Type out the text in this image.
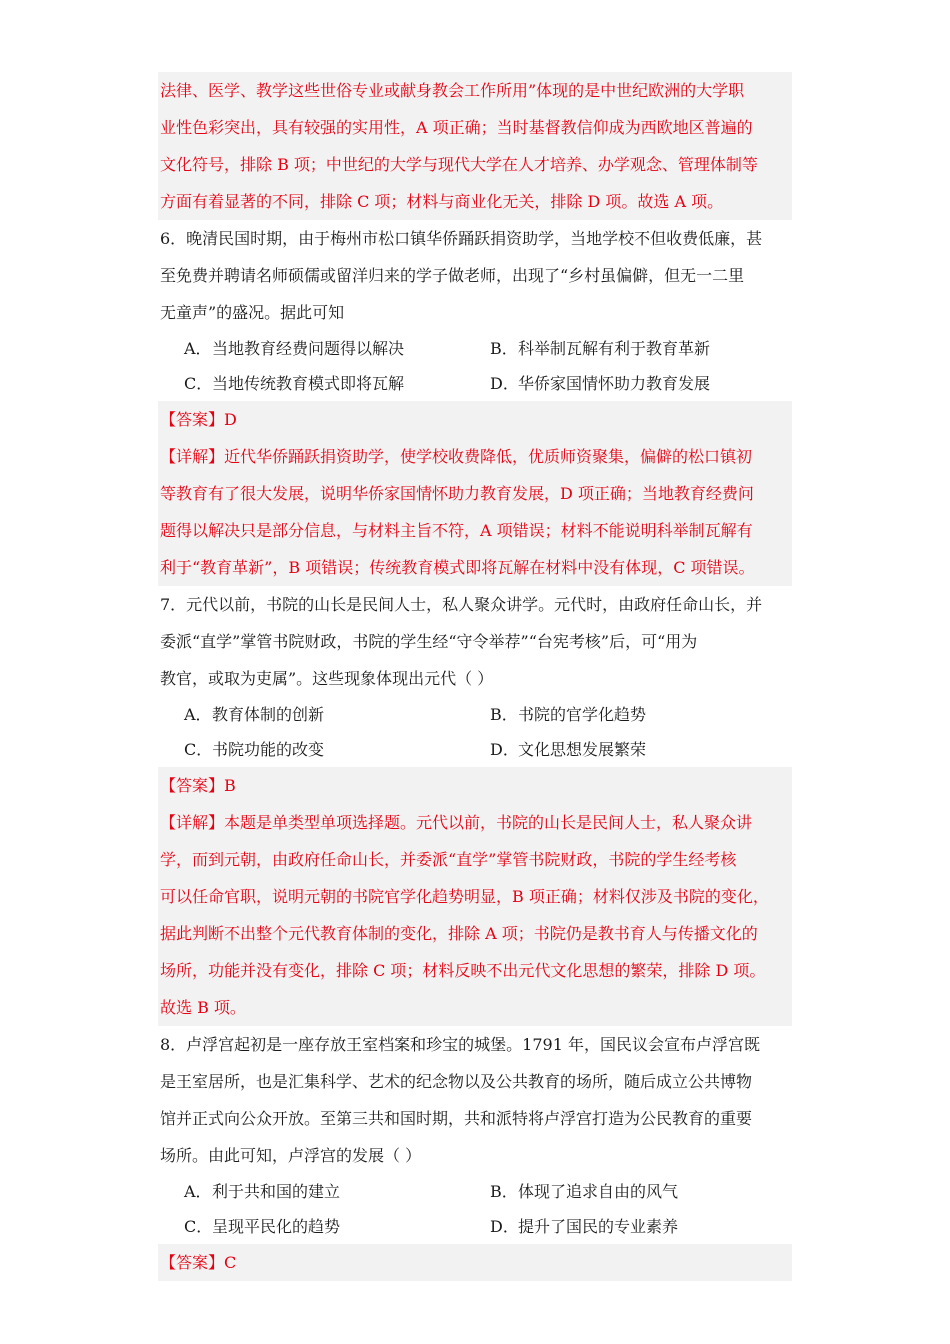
法律、医学、教学这些世俗专业或献身教会工作所用”体现的是中世纪欧洲的大学职
业性色彩突出，具有较强的实用性，A 项正确；当时基督教信仰成为西欧地区普遍的
文化符号，排除 B 项；中世纪的大学与现代大学在人才培养、办学观念、管理体制等
方面有着显著的不同，排除 C 项；材料与商业化无关，排除 D 项。故选 A 项。
6．晚清民国时期，由于梅州市松口镇华侨踊跃捐资助学，当地学校不但收费低廉，甚
至免费并聘请名师硕儒或留洋归来的学子做老师，出现了“乡村虽偏僻，但无一二里
无童声”的盛况。据此可知
A．当地教育经费问题得以解决	B．科举制瓦解有利于教育革新
C．当地传统教育模式即将瓦解	D．华侨家国情怀助力教育发展
【答案】D
【详解】近代华侨踊跃捐资助学，使学校收费降低，优质师资聚集，偏僻的松口镇初
等教育有了很大发展，说明华侨家国情怀助力教育发展，D 项正确；当地教育经费问
题得以解决只是部分信息，与材料主旨不符，A 项错误；材料不能说明科举制瓦解有
利于“教育革新”，B 项错误；传统教育模式即将瓦解在材料中没有体现，C 项错误。
7．元代以前，书院的山长是民间人士，私人聚众讲学。元代时，由政府任命山长，并
委派“直学”掌管书院财政，书院的学生经“守令举荐”“台宪考核”后，可“用为
教官，或取为吏属”。这些现象体现出元代（ ）
A．教育体制的创新	B．书院的官学化趋势
C．书院功能的改变	D．文化思想发展繁荣
【答案】B
【详解】本题是单类型单项选择题。元代以前，书院的山长是民间人士，私人聚众讲
学，而到元朝，由政府任命山长，并委派“直学”掌管书院财政，书院的学生经考核
可以任命官职，说明元朝的书院官学化趋势明显，B 项正确；材料仅涉及书院的变化，
据此判断不出整个元代教育体制的变化，排除 A 项；书院仍是教书育人与传播文化的
场所，功能并没有变化，排除 C 项；材料反映不出元代文化思想的繁荣，排除 D 项。
故选 B 项。
8．卢浮宫起初是一座存放王室档案和珍宝的城堡。1791 年，国民议会宣布卢浮宫既
是王室居所，也是汇集科学、艺术的纪念物以及公共教育的场所，随后成立公共博物
馆并正式向公众开放。至第三共和国时期，共和派特将卢浮宫打造为公民教育的重要
场所。由此可知，卢浮宫的发展（ ）
A．利于共和国的建立	B．体现了追求自由的风气
C．呈现平民化的趋势	D．提升了国民的专业素养
【答案】C
